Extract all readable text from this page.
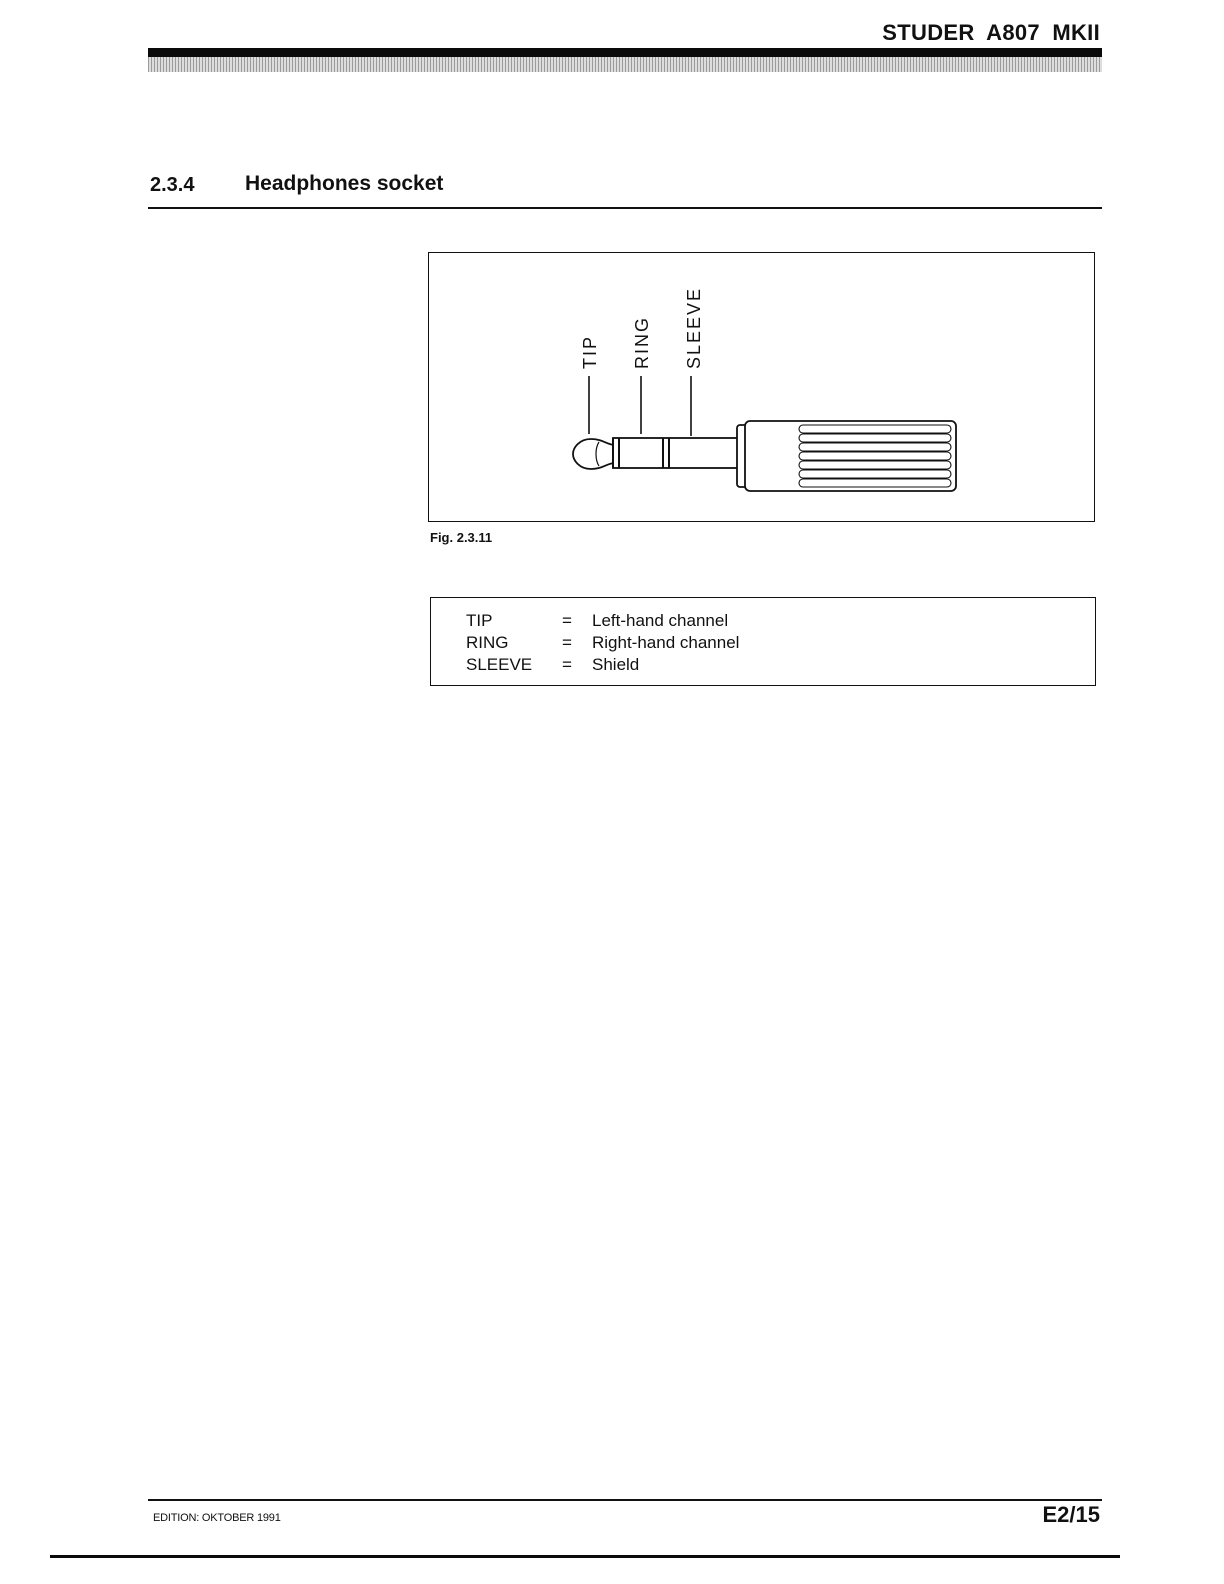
STUDER A807 MKII
2.3.4 Headphones socket
TIP RING SLEEVE
Fig. 2.3.11
TIP	= Left-hand channel
RING	= Right-hand channel
SLEEVE = Shield
EDITION: OKTOBER 1991	E2/15
